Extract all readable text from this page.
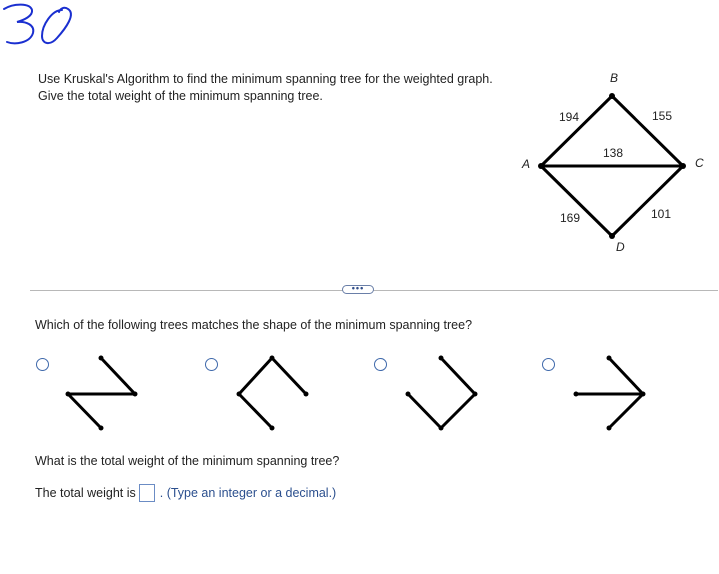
Use Kruskal's Algorithm to find the minimum spanning tree for the weighted graph.
Give the total weight of the minimum spanning tree.
A
B
C
D
194	155
138
169	101
•••
Which of the following trees matches the shape of the minimum spanning tree?
What is the total weight of the minimum spanning tree?
The total weight is . (Type an integer or a decimal.)
